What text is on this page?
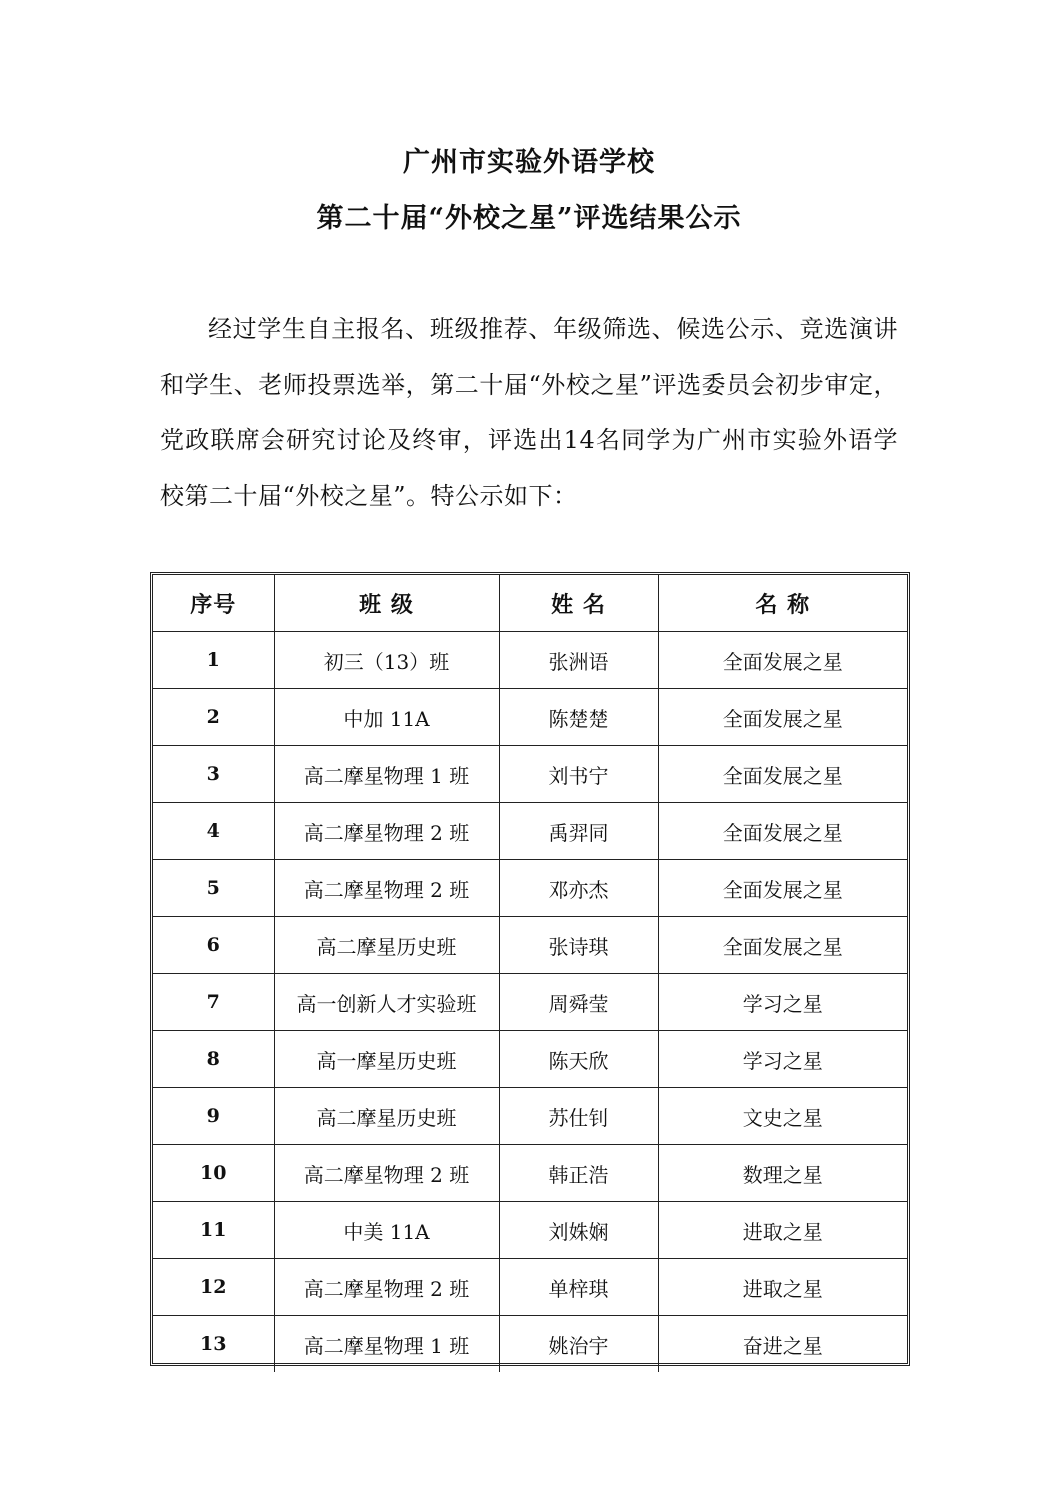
广州市实验外语学校
第二十届“外校之星”评选结果公示

经过学生自主报名、班级推荐、年级筛选、候选公示、竞选演讲和学生、老师投票选举，第二十届“外校之星”评选委员会初步审定，党政联席会研究讨论及终审，评选出14名同学为广州市实验外语学校第二十届“外校之星”。特公示如下：

序号	班 级	姓 名	名 称
1	初三（13）班	张洲语	全面发展之星
2	中加 11A	陈楚楚	全面发展之星
3	高二摩星物理 1 班	刘书宁	全面发展之星
4	高二摩星物理 2 班	禹羿同	全面发展之星
5	高二摩星物理 2 班	邓亦杰	全面发展之星
6	高二摩星历史班	张诗琪	全面发展之星
7	高一创新人才实验班	周舜莹	学习之星
8	高一摩星历史班	陈天欣	学习之星
9	高二摩星历史班	苏仕钊	文史之星
10	高二摩星物理 2 班	韩正浩	数理之星
11	中美 11A	刘姝娴	进取之星
12	高二摩星物理 2 班	单梓琪	进取之星
13	高二摩星物理 1 班	姚治宇	奋进之星
